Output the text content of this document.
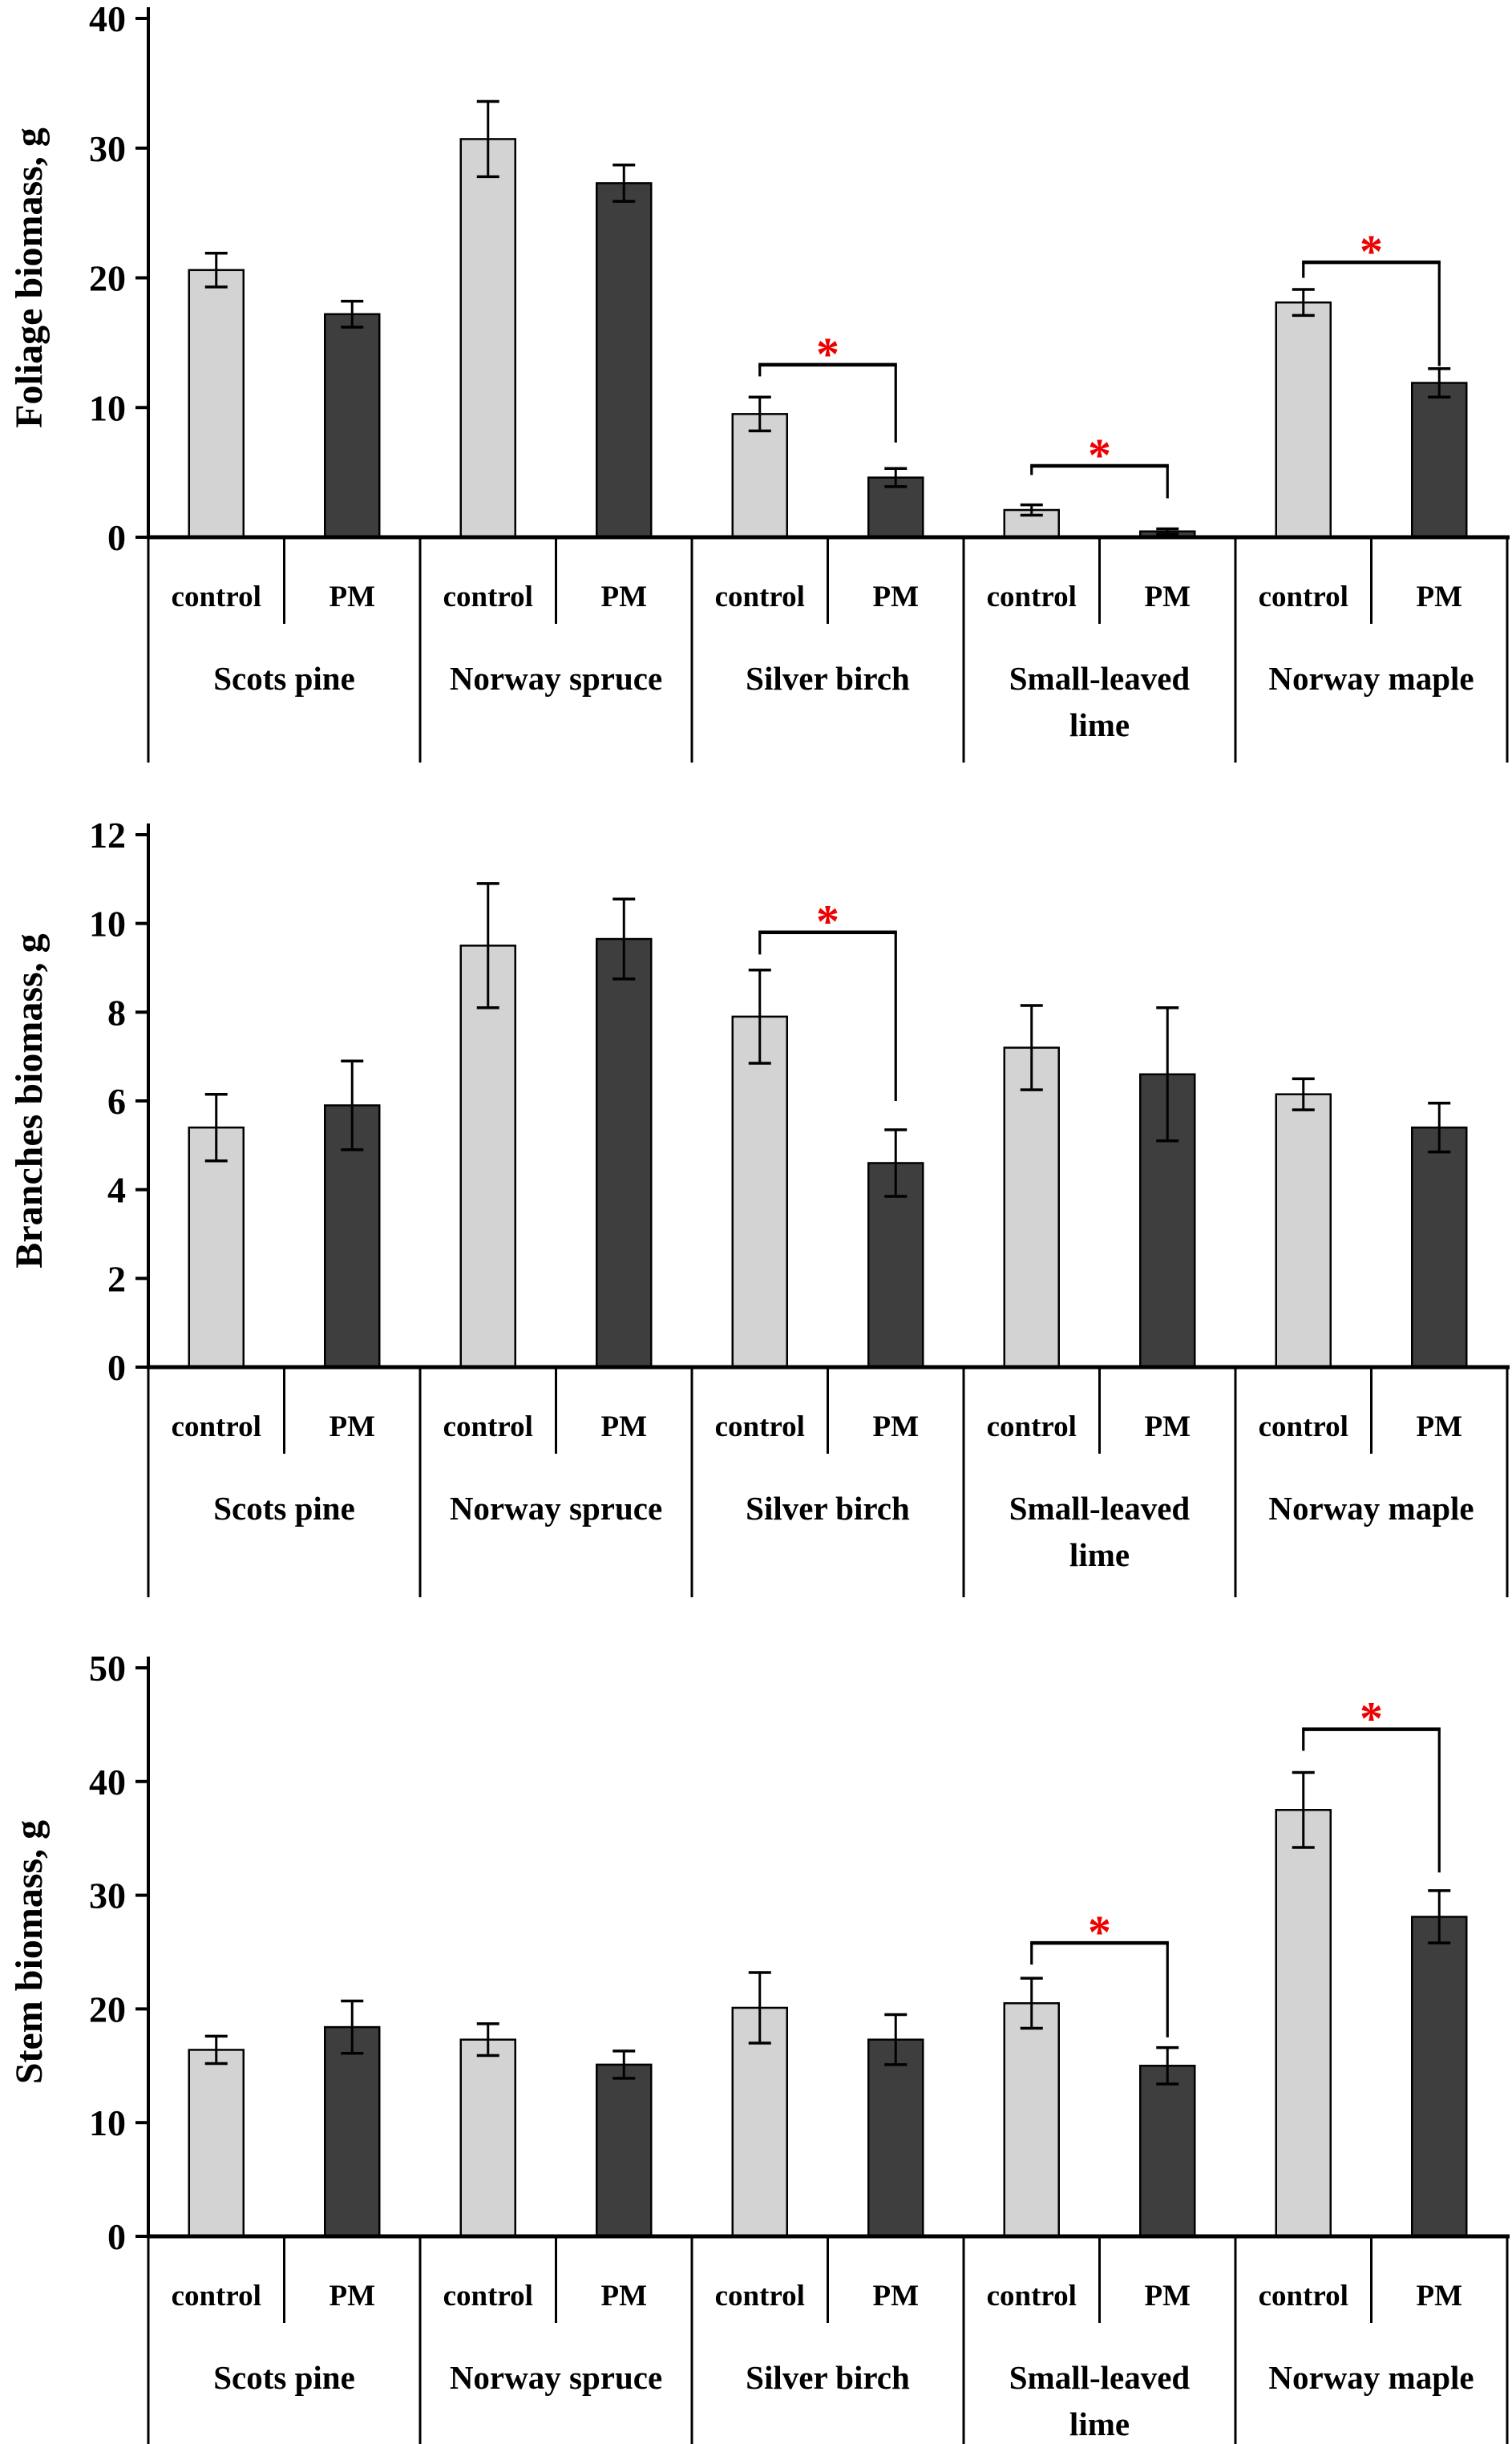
0
10
20
30
40
Foliage biomass, g
control PM
Scots pine
control PM
Norway spruce
control PM
Silver birch
control PM
Small-leaved
lime
control PM
Norway maple
*
*
*
0
2
4
6
8
10
12
Branches biomass, g
control PM
Scots pine
control PM
Norway spruce
control PM
Silver birch
control PM
Small-leaved
lime
control PM
Norway maple
*
0
10
20
30
40
50
Stem biomass, g
control PM
Scots pine
control PM
Norway spruce
control PM
Silver birch
control PM
Small-leaved
lime
control PM
Norway maple
*
*
